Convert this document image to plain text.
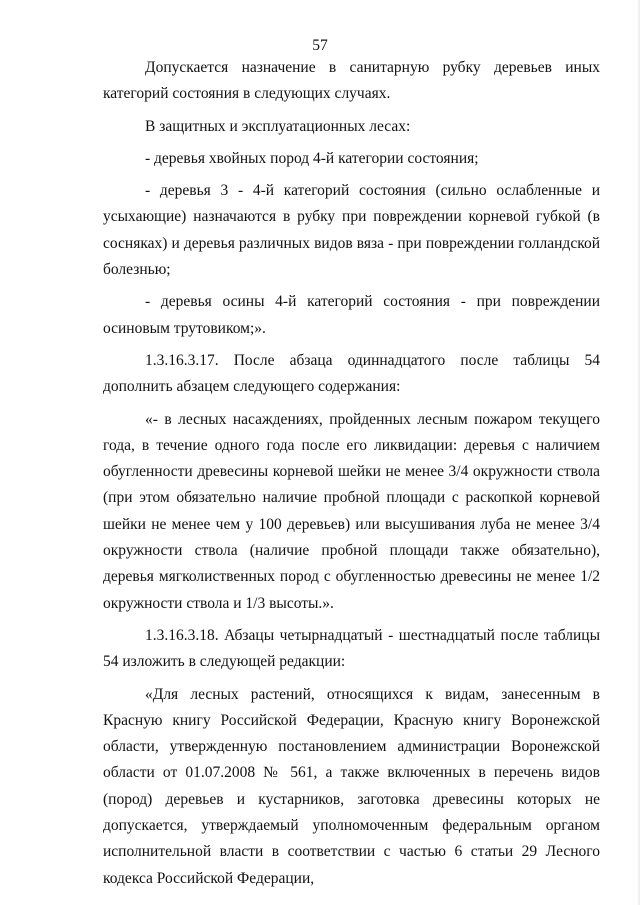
57

Допускается назначение в санитарную рубку деревьев иных категорий состояния в следующих случаях.

В защитных и эксплуатационных лесах:

- деревья хвойных пород 4-й категории состояния;

- деревья 3 - 4-й категорий состояния (сильно ослабленные и усыхающие) назначаются в рубку при повреждении корневой губкой (в сосняках) и деревья различных видов вяза - при повреждении голландской болезнью;

- деревья осины 4-й категорий состояния - при повреждении осиновым трутовиком;».

1.3.16.3.17. После абзаца одиннадцатого после таблицы 54 дополнить абзацем следующего содержания:

«- в лесных насаждениях, пройденных лесным пожаром текущего года, в течение одного года после его ликвидации: деревья с наличием обугленности древесины корневой шейки не менее 3/4 окружности ствола (при этом обязательно наличие пробной площади с раскопкой корневой шейки не менее чем у 100 деревьев) или высушивания луба не менее 3/4 окружности ствола (наличие пробной площади также обязательно), деревья мягколиственных пород с обугленностью древесины не менее 1/2 окружности ствола и 1/3 высоты.».

1.3.16.3.18. Абзацы четырнадцатый - шестнадцатый после таблицы 54 изложить в следующей редакции:

«Для лесных растений, относящихся к видам, занесенным в Красную книгу Российской Федерации, Красную книгу Воронежской области, утвержденную постановлением администрации Воронежской области от 01.07.2008 № 561, а также включенных в перечень видов (пород) деревьев и кустарников, заготовка древесины которых не допускается, утверждаемый уполномоченным федеральным органом исполнительной власти в соответствии с частью 6 статьи 29 Лесного кодекса Российской Федерации,
